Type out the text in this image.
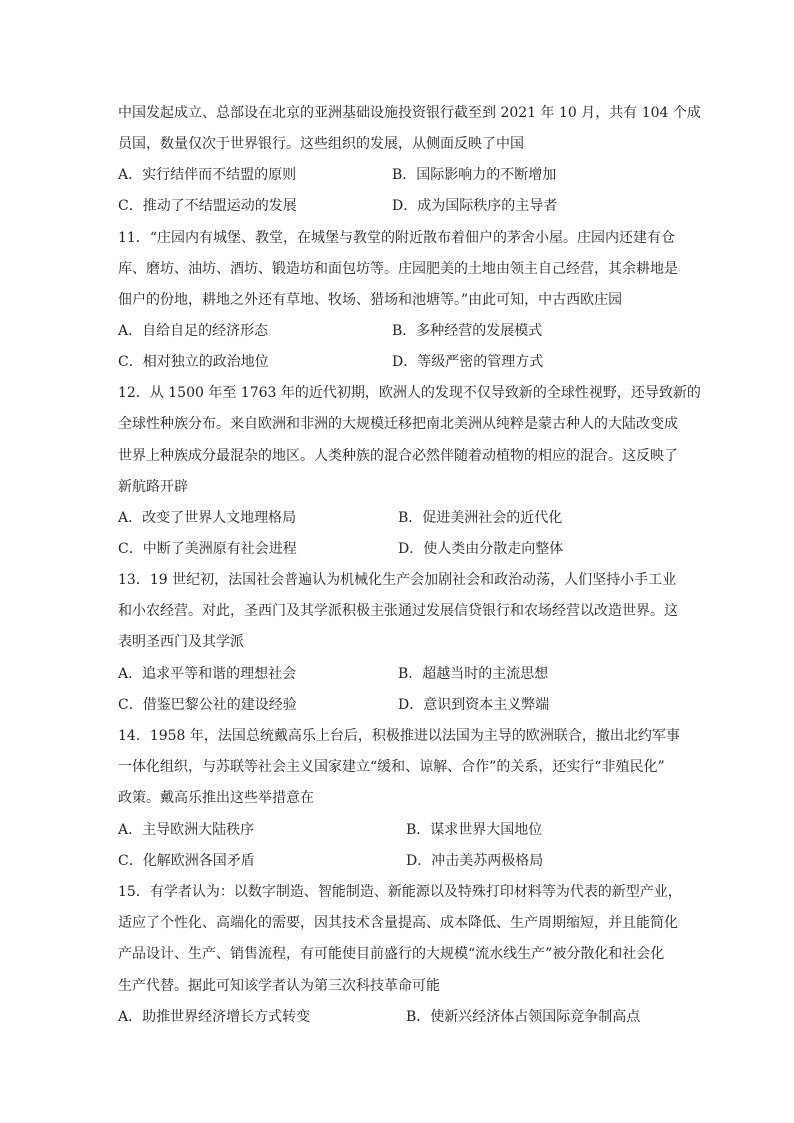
中国发起成立、总部设在北京的亚洲基础设施投资银行截至到 2021 年 10 月，共有 104 个成
员国，数量仅次于世界银行。这些组织的发展，从侧面反映了中国
A．实行结伴而不结盟的原则	B．国际影响力的不断增加
C．推动了不结盟运动的发展	D．成为国际秩序的主导者
11．“庄园内有城堡、教堂，在城堡与教堂的附近散布着佃户的茅舍小屋。庄园内还建有仓
库、磨坊、油坊、酒坊、锻造坊和面包坊等。庄园肥美的土地由领主自己经营，其余耕地是
佃户的份地，耕地之外还有草地、牧场、猎场和池塘等。”由此可知，中古西欧庄园
A．自给自足的经济形态	B．多种经营的发展模式
C．相对独立的政治地位	D．等级严密的管理方式
12．从 1500 年至 1763 年的近代初期，欧洲人的发现不仅导致新的全球性视野，还导致新的
全球性种族分布。来自欧洲和非洲的大规模迁移把南北美洲从纯粹是蒙古种人的大陆改变成
世界上种族成分最混杂的地区。人类种族的混合必然伴随着动植物的相应的混合。这反映了
新航路开辟
A．改变了世界人文地理格局	B．促进美洲社会的近代化
C．中断了美洲原有社会进程	D．使人类由分散走向整体
13．19 世纪初，法国社会普遍认为机械化生产会加剧社会和政治动荡，人们坚持小手工业
和小农经营。对此，圣西门及其学派积极主张通过发展信贷银行和农场经营以改造世界。这
表明圣西门及其学派
A．追求平等和谐的理想社会	B．超越当时的主流思想
C．借鉴巴黎公社的建设经验	D．意识到资本主义弊端
14．1958 年，法国总统戴高乐上台后，积极推进以法国为主导的欧洲联合，撤出北约军事
一体化组织，与苏联等社会主义国家建立“缓和、谅解、合作”的关系，还实行“非殖民化”
政策。戴高乐推出这些举措意在
A．主导欧洲大陆秩序	B．谋求世界大国地位
C．化解欧洲各国矛盾	D．冲击美苏两极格局
15．有学者认为：以数字制造、智能制造、新能源以及特殊打印材料等为代表的新型产业，
适应了个性化、高端化的需要，因其技术含量提高、成本降低、生产周期缩短，并且能简化
产品设计、生产、销售流程，有可能使目前盛行的大规模“流水线生产”被分散化和社会化
生产代替。据此可知该学者认为第三次科技革命可能
A．助推世界经济增长方式转变	B．使新兴经济体占领国际竞争制高点
